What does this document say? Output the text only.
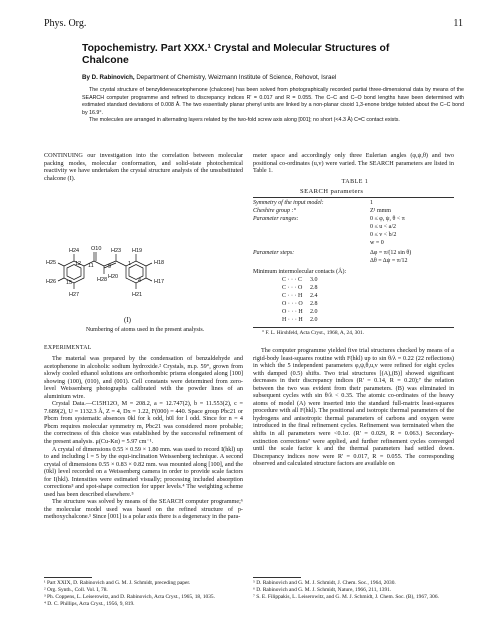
Phys. Org.	11
Topochemistry. Part XXX.¹ Crystal and Molecular Structures of
Chalcone
By D. Rabinovich, Department of Chemistry, Weizmann Institute of Science, Rehovot, Israel

The crystal structure of benzylideneacetophenone (chalcone) has been solved from photographically recorded partial three-dimensional data by means of the SEARCH computer programme and refined to discrepancy indices R' = 0.017 and R = 0.055. The C–C and C–O bond lengths have been determined with estimated standard deviations of 0.008 Å. The two essentially planar phenyl units are linked by a non-planar cisoid 1,3-enone bridge twisted about the C–C bond by 16.9°.

The molecules are arranged in alternating layers related by the two-fold screw axis along [001]; no short (<4.3 Å) C=C contact exists.

CONTINUING our investigation into the correlation between molecular packing modes, molecular conformation, and solid-state photochemical reactivity we have undertaken the crystal structure analysis of the unsubstituted chalcone (I).

H24 O10 H23 H19
H25	12 11	9	1	H18
H26 15	H28 H20
4 H17
H27	H21
(I)
Numbering of atoms used in the present analysis.
EXPERIMENTAL

The material was prepared by the condensation of benzaldehyde and acetophenone in alcoholic sodium hydroxide.² Crystals, m.p. 59°, grown from slowly cooled ethanol solutions are orthorhombic prisms elongated along [100] showing (100), (010), and (001). Cell constants were determined from zero-level Weissenberg photographs calibrated with the powder lines of an aluminium wire.

Crystal Data.—C15H12O, M = 208.2, a = 12.747(2), b = 11.553(2), c = 7.689(2), U = 1132.3 Å, Z = 4, Dx = 1.22, F(000) = 440. Space group Pbc21 or Pbcm from systematic absences 0kl for k odd, h0l for l odd. Since for n = 4 Pbcm requires molecular symmetry m, Pbc21 was considered more probable; the correctness of this choice was established by the successful refinement of the present analysis. μ(Cu-Kα) = 5.97 cm⁻¹.

A crystal of dimensions 0.55 × 0.59 × 1.80 mm. was used to record I(hkl) up to and including l = 5 by the equi-inclination Weissenberg technique. A second crystal of dimensions 0.55 × 0.83 × 0.82 mm. was mounted along [100], and the (0kl) level recorded on a Weissenberg camera in order to provide scale factors for I(hkl). Intensities were estimated visually; processing included absorption corrections³ and spot-shape correction for upper levels.⁴ The weighting scheme used has been described elsewhere.⁵

The structure was solved by means of the SEARCH computer programme;⁶ the molecular model used was based on the refined structure of p-methoxychalcone.¹ Since [001] is a polar axis there is a degeneracy in the para-

¹ Part XXIX, D. Rabinovich and G. M. J. Schmidt, preceding paper.
² Org. Synth., Coll. Vol. I, 78.
³ Ph. Coppens, L. Leiserowitz, and D. Rabinovich, Acta Cryst., 1965, 18, 1035.
⁴ D. C. Phillips, Acta Cryst., 1956, 9, 819.

meter space and accordingly only three Eulerian angles (φ,ψ,θ) and two positional co-ordinates (u,v) were varied. The SEARCH parameters are listed in Table 1.

TABLE 1
SEARCH parameters
Symmetry of the input model:	1
Cheshire group :°	Z¹ mmm
Parameter ranges:	0 ≤ φ, ψ, θ < π
0 ≤ u < a/2
0 ≤ v < b/2
w = 0
Parameter steps:	Δφ = π/(12 sin θ)
Δθ = Δψ = π/12
Minimum intermolecular contacts (Å):
C · · · C 3.0
C · · · O 2.8
C · · · H 2.4
O · · · O 2.8
O · · · H 2.0
H · · · H 2.0
° F. L. Hirshfeld, Acta Cryst., 1968, A, 24, 301.

The computer programme yielded five trial structures checked by means of a rigid-body least-squares routine with F(hkl) up to sin θ/λ = 0.22 (22 reflections) in which the 5 independent parameters φ,ψ,θ,u,v were refined for eight cycles with damped (0.5) shifts. Two trial structures [(A),(B)] showed significant decreases in their discrepancy indices (R' = 0.14, R = 0.20);⁷ the relation between the two was evident from their parameters. (B) was eliminated in subsequent cycles with sin θ/λ < 0.35. The atomic co-ordinates of the heavy atoms of model (A) were inserted into the standard full-matrix least-squares procedure with all F(hkl). The positional and isotropic thermal parameters of the hydrogens and anisotropic thermal parameters of carbons and oxygen were introduced in the final refinement cycles. Refinement was terminated when the shifts in all parameters were <0.1σ. (R' = 0.029, R = 0.063.) Secondary-extinction corrections⁷ were applied, and further refinement cycles converged until the scale factor k and the thermal parameters had settled down. Discrepancy indices now were R' = 0.017, R = 0.055. The corresponding observed and calculated structure factors are available on

⁵ D. Rabinovich and G. M. J. Schmidt, J. Chem. Soc., 1964, 2030.
⁶ D. Rabinovich and G. M. J. Schmidt, Nature, 1966, 211, 1391.
⁷ S. E. Filippakis, L. Leiserowitz, and G. M. J. Schmidt, J. Chem. Soc. (B), 1967, 306.
